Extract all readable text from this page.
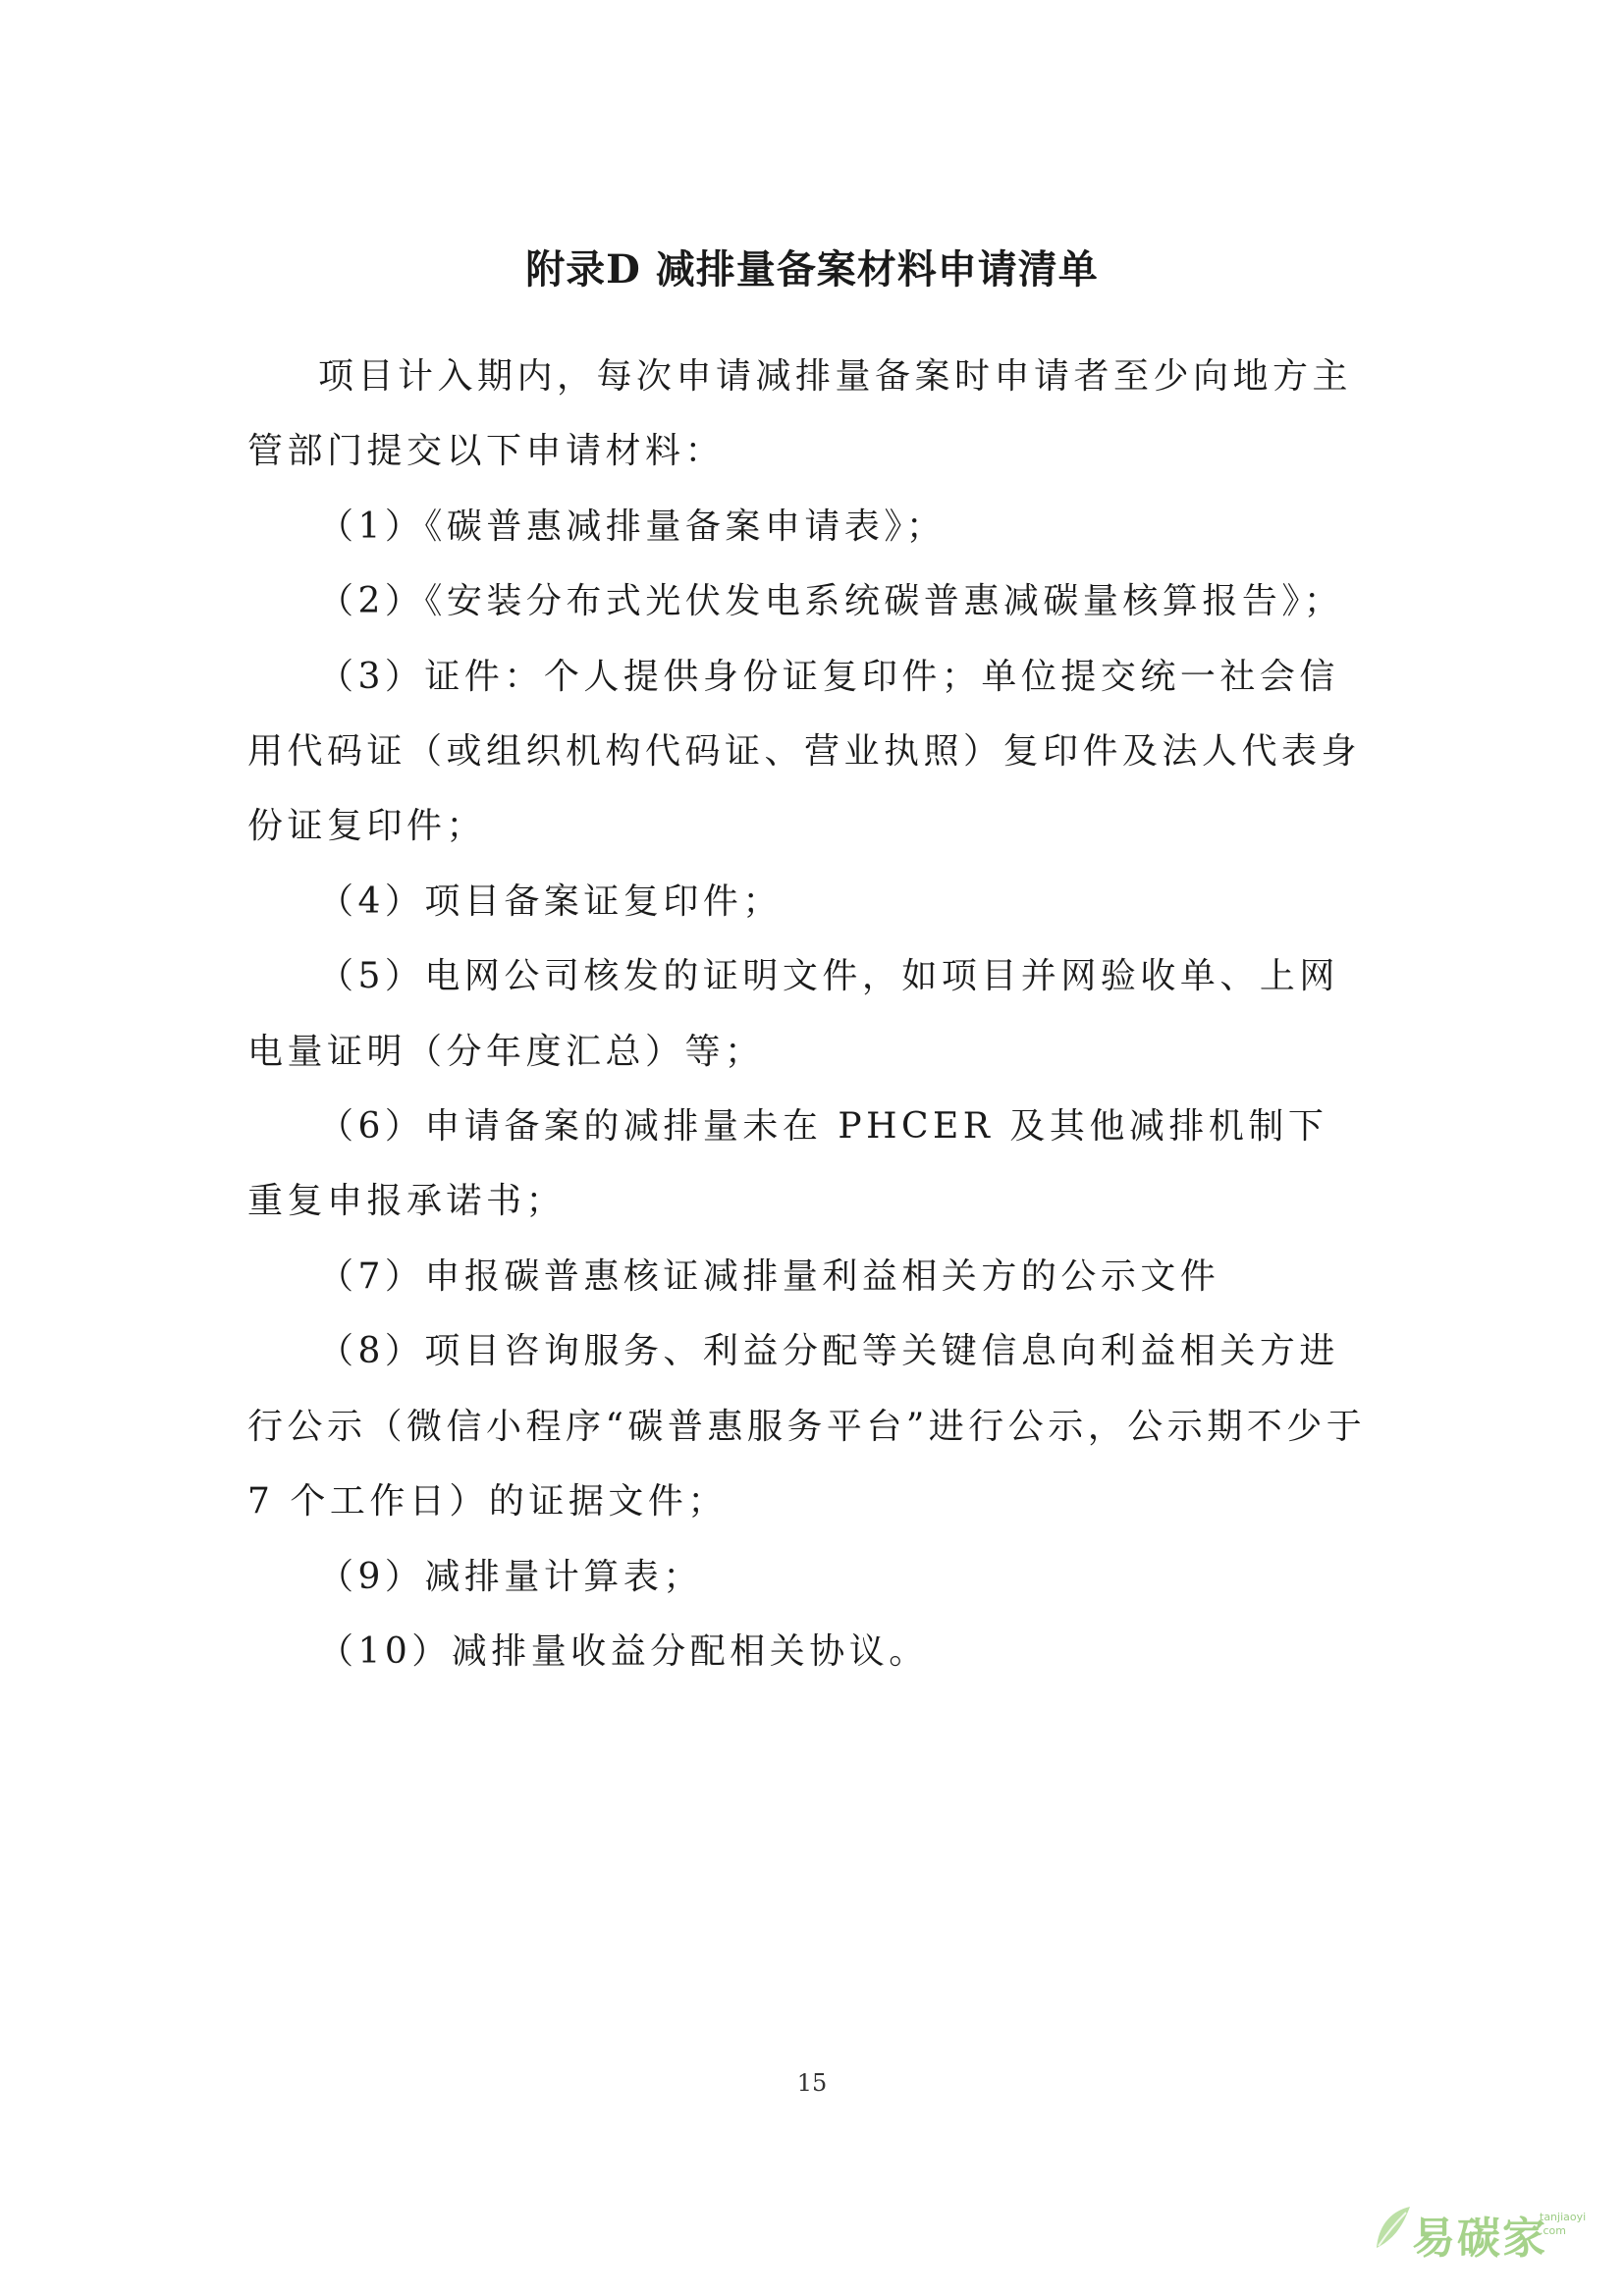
附录D 减排量备案材料申请清单

项目计入期内，每次申请减排量备案时申请者至少向地方主管部门提交以下申请材料：

（1）《碳普惠减排量备案申请表》；

（2）《安装分布式光伏发电系统碳普惠减碳量核算报告》；

（3）证件：个人提供身份证复印件；单位提交统一社会信用代码证（或组织机构代码证、营业执照）复印件及法人代表身份证复印件；

（4）项目备案证复印件；

（5）电网公司核发的证明文件，如项目并网验收单、上网电量证明（分年度汇总）等；

（6）申请备案的减排量未在 PHCER 及其他减排机制下重复申报承诺书；

（7）申报碳普惠核证减排量利益相关方的公示文件

（8）项目咨询服务、利益分配等关键信息向利益相关方进行公示（微信小程序“碳普惠服务平台”进行公示，公示期不少于 7 个工作日）的证据文件；

（9）减排量计算表；

（10）减排量收益分配相关协议。

15
易碳家
tanjiaoyi
.com
